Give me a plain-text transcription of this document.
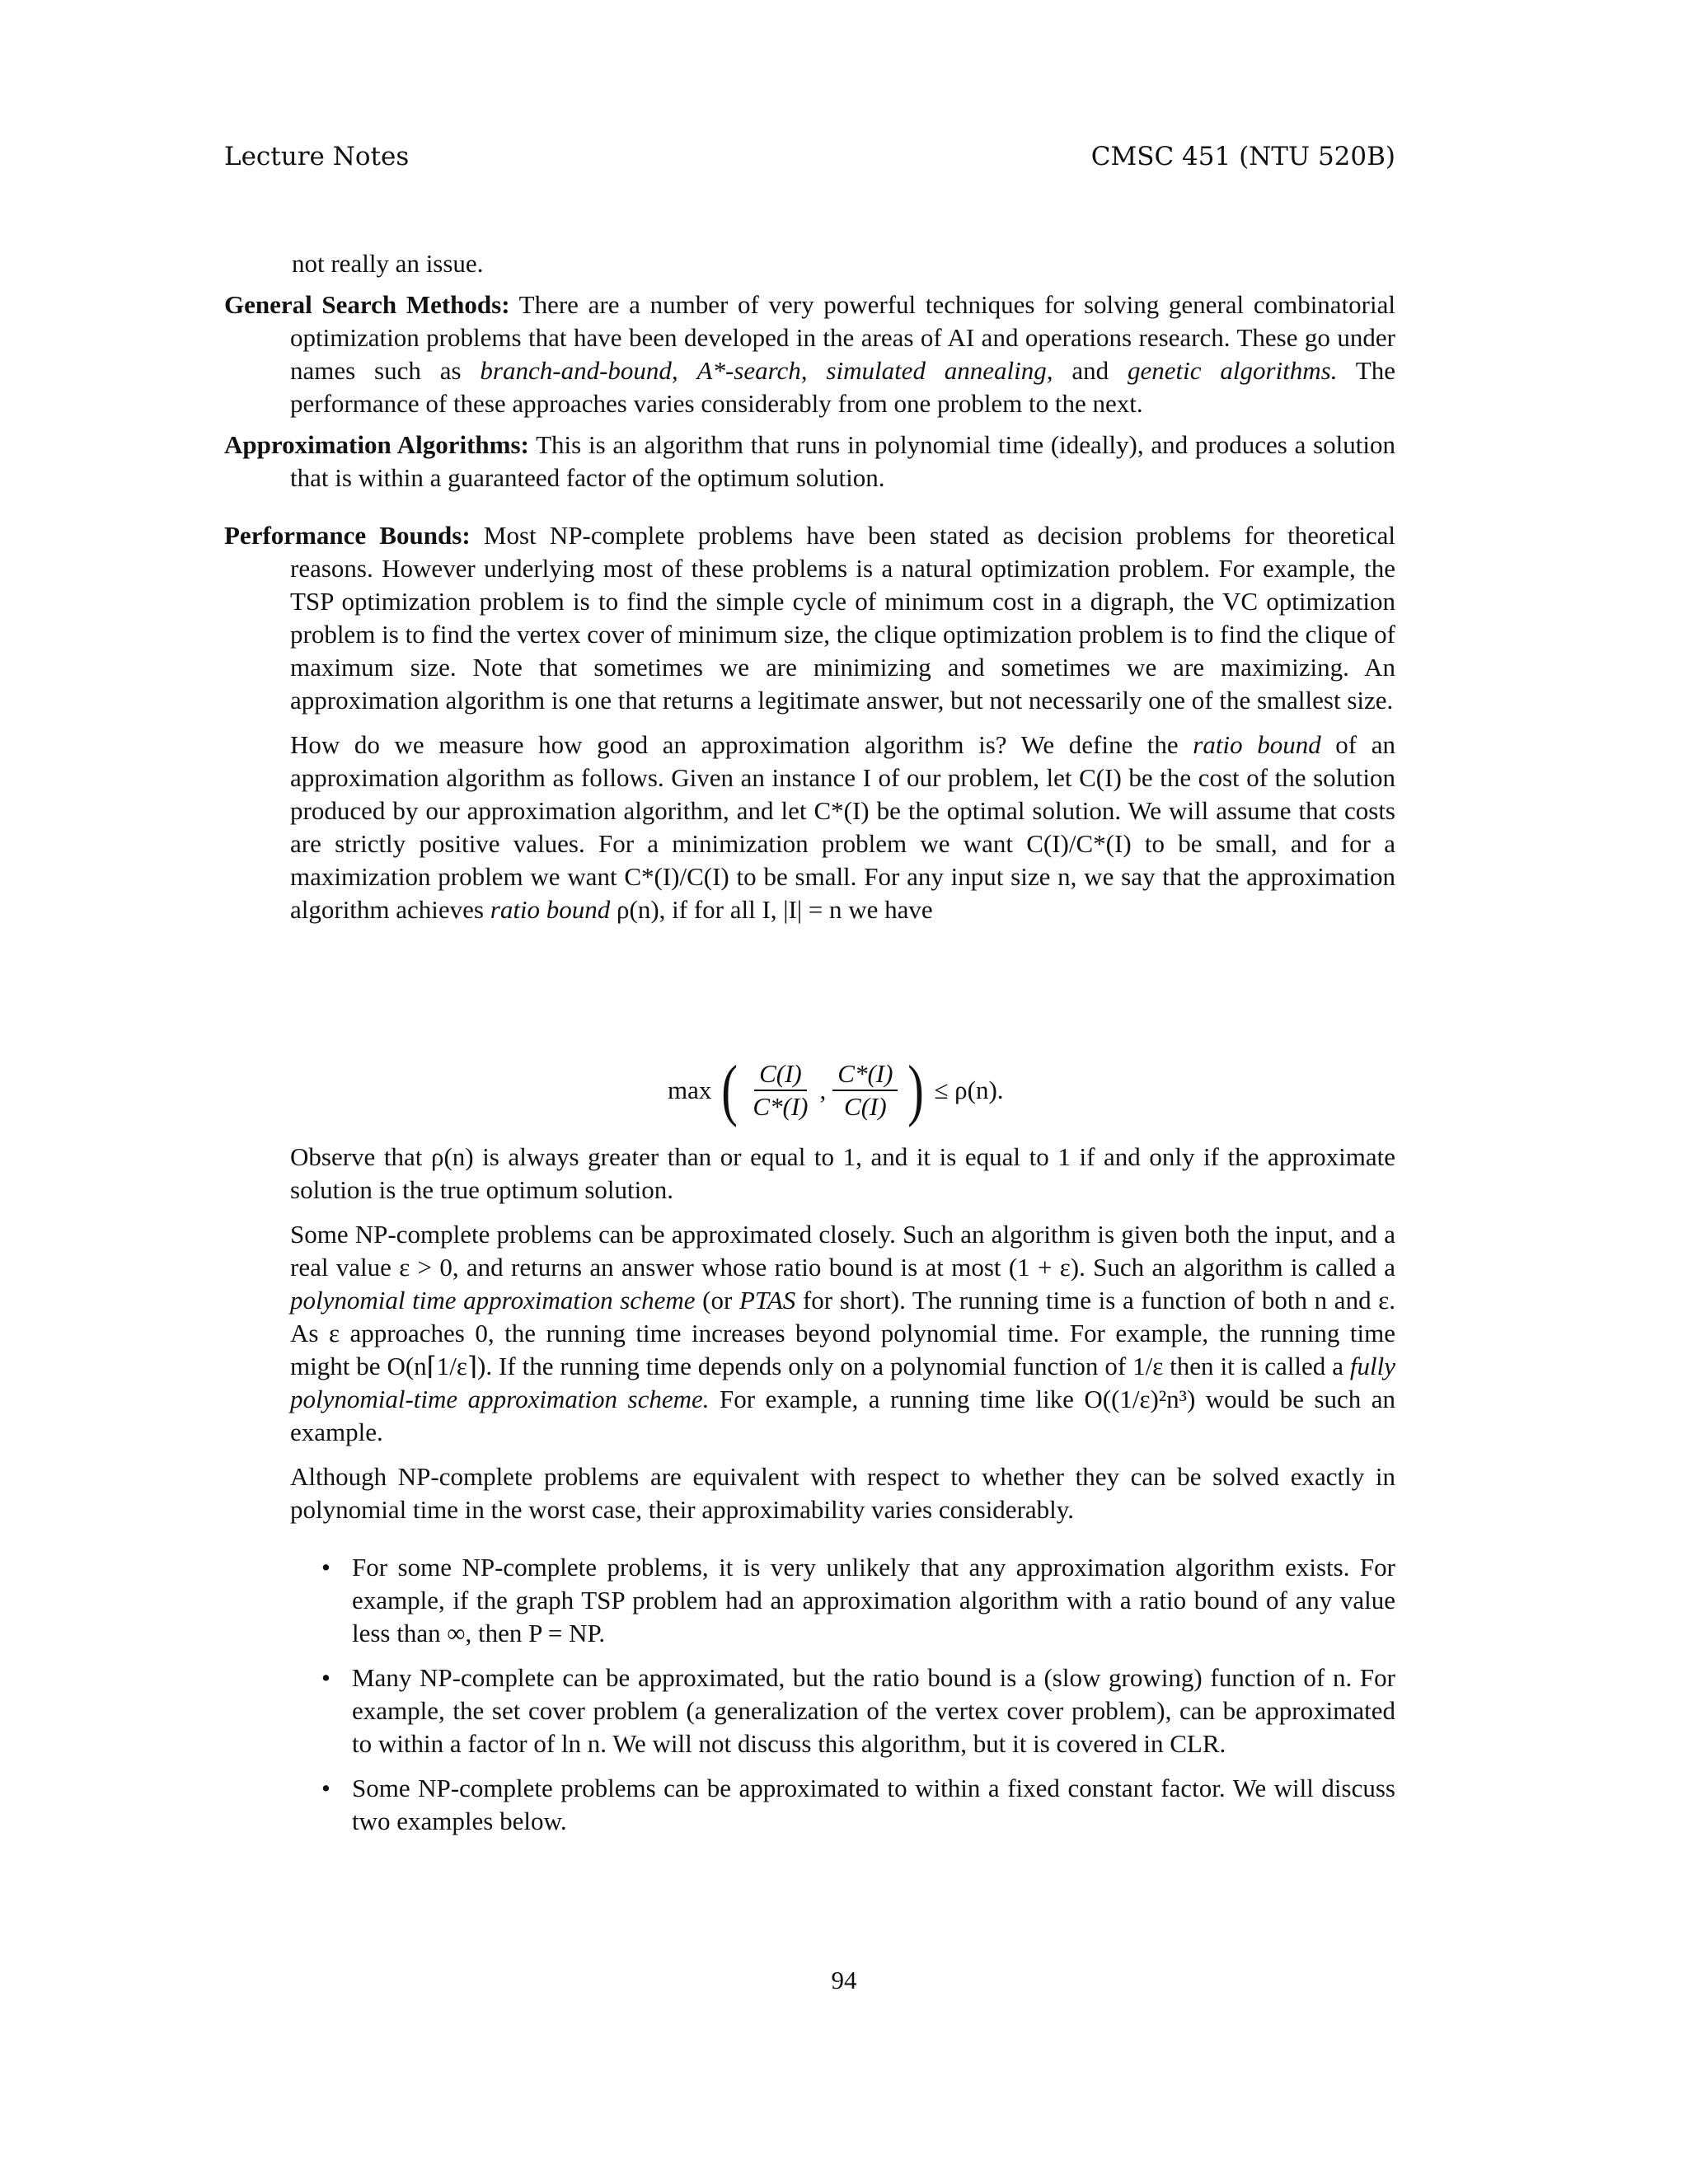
Lecture Notes	CMSC 451 (NTU 520B)

not really an issue.

General Search Methods: There are a number of very powerful techniques for solving general combinatorial optimization problems that have been developed in the areas of AI and operations research. These go under names such as branch-and-bound, A*-search, simulated annealing, and genetic algorithms. The performance of these approaches varies considerably from one problem to the next.

Approximation Algorithms: This is an algorithm that runs in polynomial time (ideally), and produces a solution that is within a guaranteed factor of the optimum solution.

Performance Bounds: Most NP-complete problems have been stated as decision problems for theoretical reasons. However underlying most of these problems is a natural optimization problem. For example, the TSP optimization problem is to find the simple cycle of minimum cost in a digraph, the VC optimization problem is to find the vertex cover of minimum size, the clique optimization problem is to find the clique of maximum size. Note that sometimes we are minimizing and sometimes we are maximizing. An approximation algorithm is one that returns a legitimate answer, but not necessarily one of the smallest size.

How do we measure how good an approximation algorithm is? We define the ratio bound of an approximation algorithm as follows. Given an instance I of our problem, let C(I) be the cost of the solution produced by our approximation algorithm, and let C*(I) be the optimal solution. We will assume that costs are strictly positive values. For a minimization problem we want C(I)/C*(I) to be small, and for a maximization problem we want C*(I)/C(I) to be small. For any input size n, we say that the approximation algorithm achieves ratio bound ρ(n), if for all I, |I| = n we have

max ( $\frac{C(I)}{C*(I)}$ , $\frac{C*(I)}{C(I)}$ ) ≤ ρ(n).

Observe that ρ(n) is always greater than or equal to 1, and it is equal to 1 if and only if the approximate solution is the true optimum solution.

Some NP-complete problems can be approximated closely. Such an algorithm is given both the input, and a real value ε > 0, and returns an answer whose ratio bound is at most (1 + ε). Such an algorithm is called a polynomial time approximation scheme (or PTAS for short). The running time is a function of both n and ε. As ε approaches 0, the running time increases beyond polynomial time. For example, the running time might be O(n⌈1/ε⌉). If the running time depends only on a polynomial function of 1/ε then it is called a fully polynomial-time approximation scheme. For example, a running time like O((1/ε)²n³) would be such an example.

Although NP-complete problems are equivalent with respect to whether they can be solved exactly in polynomial time in the worst case, their approximability varies considerably.

• For some NP-complete problems, it is very unlikely that any approximation algorithm exists. For example, if the graph TSP problem had an approximation algorithm with a ratio bound of any value less than ∞, then P = NP.
• Many NP-complete can be approximated, but the ratio bound is a (slow growing) function of n. For example, the set cover problem (a generalization of the vertex cover problem), can be approximated to within a factor of ln n. We will not discuss this algorithm, but it is covered in CLR.
• Some NP-complete problems can be approximated to within a fixed constant factor. We will discuss two examples below.
94
